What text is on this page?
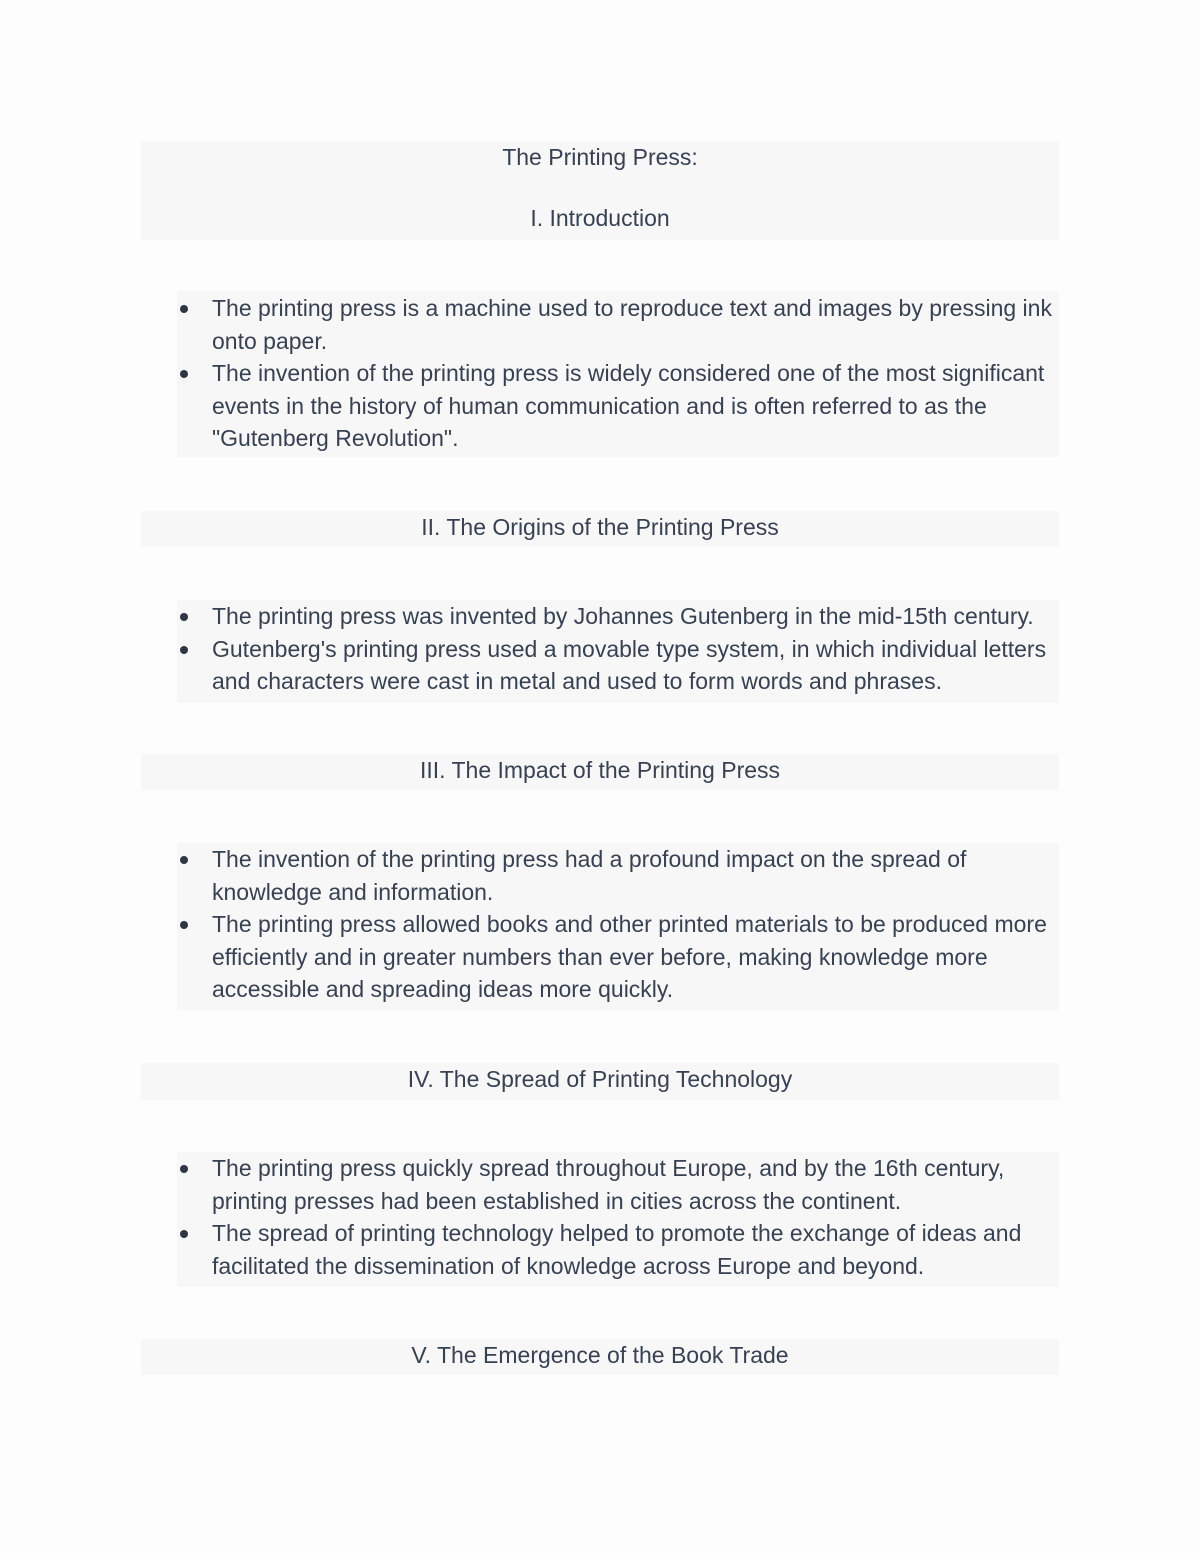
The Printing Press:
I. Introduction
The printing press is a machine used to reproduce text and images by pressing ink onto paper.
The invention of the printing press is widely considered one of the most significant events in the history of human communication and is often referred to as the "Gutenberg Revolution".
II. The Origins of the Printing Press
The printing press was invented by Johannes Gutenberg in the mid-15th century.
Gutenberg's printing press used a movable type system, in which individual letters and characters were cast in metal and used to form words and phrases.
III. The Impact of the Printing Press
The invention of the printing press had a profound impact on the spread of knowledge and information.
The printing press allowed books and other printed materials to be produced more efficiently and in greater numbers than ever before, making knowledge more accessible and spreading ideas more quickly.
IV. The Spread of Printing Technology
The printing press quickly spread throughout Europe, and by the 16th century, printing presses had been established in cities across the continent.
The spread of printing technology helped to promote the exchange of ideas and facilitated the dissemination of knowledge across Europe and beyond.
V. The Emergence of the Book Trade
